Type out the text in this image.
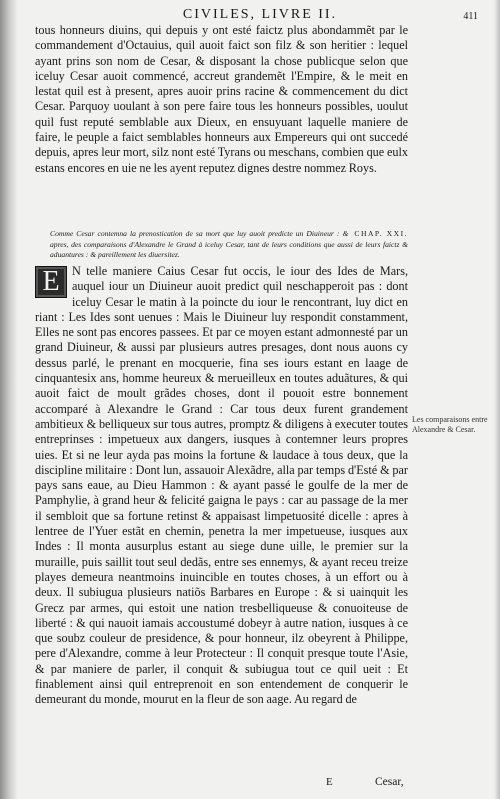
CIVILES, LIVRE II.	411
tous honneurs diuins, qui depuis y ont esté faictz plus abondammẽt par le commandement d'Octauius, quil auoit faict son filz & son heritier : lequel ayant prins son nom de Cesar, & disposant la chose publicque selon que iceluy Cesar auoit commencé, accreut grandemẽt l'Empire, & le meit en lestat quil est à present, apres auoir prins racine & commencement du dict Cesar. Parquoy uoulant à son pere faire tous les honneurs possibles, uoulut quil fust reputé semblable aux Dieux, en ensuyuant laquelle maniere de faire, le peuple a faict semblables honneurs aux Empereurs qui ont succedé depuis, apres leur mort, silz nont esté Tyrans ou meschans, combien que eulx estans encores en uie ne les ayent reputez dignes destre nommez Roys.
CHAP. XXI.
Comme Cesar contemna la prenostication de sa mort que luy auoit predicte un Diuineur : & apres, des comparaisons d'Alexandre le Grand à iceluy Cesar, tant de leurs conditions que aussi de leurs faictz & aduantures : & pareillement les diuersitez.
E	N telle maniere Caius Cesar fut occis, le iour des Ides de Mars, auquel iour un Diuineur auoit predict quil neschapperoit pas : dont iceluy Cesar le matin à la poincte du iour le rencontrant, luy dict en riant : Les Ides sont uenues : Mais le Diuineur luy respondit constamment, Elles ne sont pas encores passees. Et par ce moyen estant admonnesté par un grand Diuineur, & aussi par plusieurs autres presages, dont nous auons cy dessus parlé, le prenant en mocquerie, fina ses iours estant en laage de cinquantesix ans, homme heureux & merueilleux en toutes aduãtures, & qui auoit faict de moult grãdes choses, dont il pouoit estre bonnement accomparé à Alexandre le Grand : Car tous deux furent grandement ambitieux & belliqueux sur tous autres, promptz & diligens à executer toutes entreprinses : impetueux aux dangers, iusques à contemner leurs propres uies. Et si ne leur ayda pas moins la fortune & laudace à tous deux, que la discipline militaire : Dont lun, assauoir Alexãdre, alla par temps d'Esté & par pays sans eaue, au Dieu Hammon : & ayant passé le goulfe de la mer de Pamphylie, à grand heur & felicité gaigna le pays : car au passage de la mer il sembloit que sa fortune retinst & appaisast limpetuosité dicelle : apres à lentree de l'Yuer estãt en chemin, penetra la mer impetueuse, iusques aux Indes : Il monta ausurplus estant au siege dune uille, le premier sur la muraille, puis saillit tout seul dedãs, entre ses ennemys, & ayant receu treize playes demeura neantmoins inuincible en toutes choses, à un effort ou à deux. Il subiugua plusieurs natiõs Barbares en Europe : & si uainquit les Grecz par armes, qui estoit une nation tresbelliqueuse & conuoiteuse de liberté : & qui nauoit iamais accoustumé dobeyr à autre nation, iusques à ce que soubz couleur de presidence, & pour honneur, ilz obeyrent à Philippe, pere d'Alexandre, comme à leur Protecteur : Il conquit presque toute l'Asie, & par maniere de parler, il conquit & subiugua tout ce quil ueit : Et finablement ainsi quil entreprenoit en son entendement de conquerir le demeurant du monde, mourut en la fleur de son aage. Au regard de
Les comparaisons entre Alexandre & Cesar.
E	Cesar,
